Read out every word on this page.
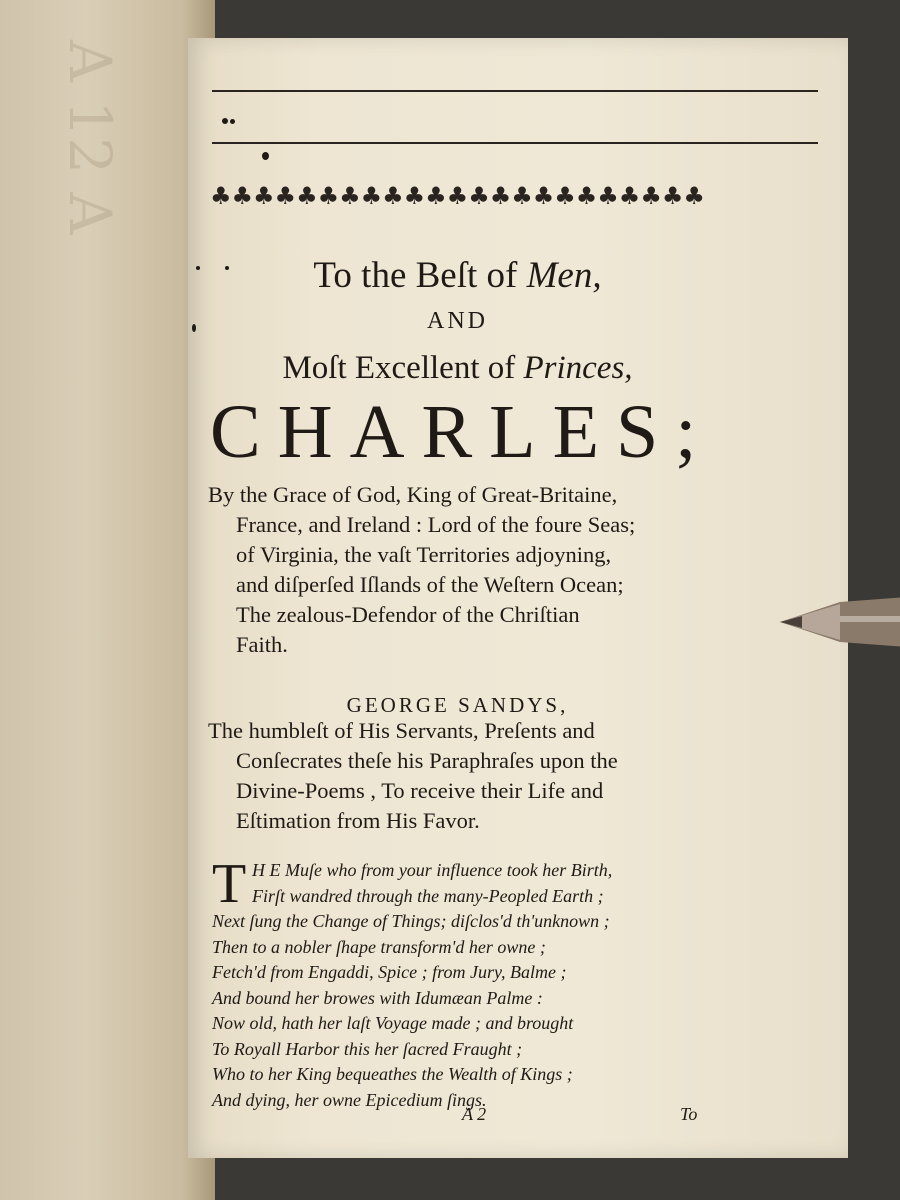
A 12 A	♣♣♣♣♣♣♣♣♣♣♣♣♣♣♣♣♣♣♣♣♣♣♣
To the Beſt of Men,
AND
Moſt Excellent of Princes,
CHARLES;
By the Grace of God, King of Great-Britaine,
France, and Ireland : Lord of the foure Seas;
of Virginia, the vaſt Territories adjoyning,
and diſperſed Iſlands of the Weſtern Ocean;
The zealous-Defendor of the Chriſtian
Faith.
GEORGE SANDYS,
The humbleſt of His Servants, Preſents and
Conſecrates theſe his Paraphraſes upon the
Divine-Poems , To receive their Life and
Eſtimation from His Favor.
T H E Muſe who from your influence took her Birth,
Firſt wandred through the many-Peopled Earth ;
Next ſung the Change of Things; diſclos'd th'unknown ;
Then to a nobler ſhape transform'd her owne ;
Fetch'd from Engaddi, Spice ; from Jury, Balme ;
And bound her browes with Idumæan Palme :
Now old, hath her laſt Voyage made ; and brought
To Royall Harbor this her ſacred Fraught ;
Who to her King bequeathes the Wealth of Kings ;
And dying, her owne Epicedium ſings.
A 2	To
